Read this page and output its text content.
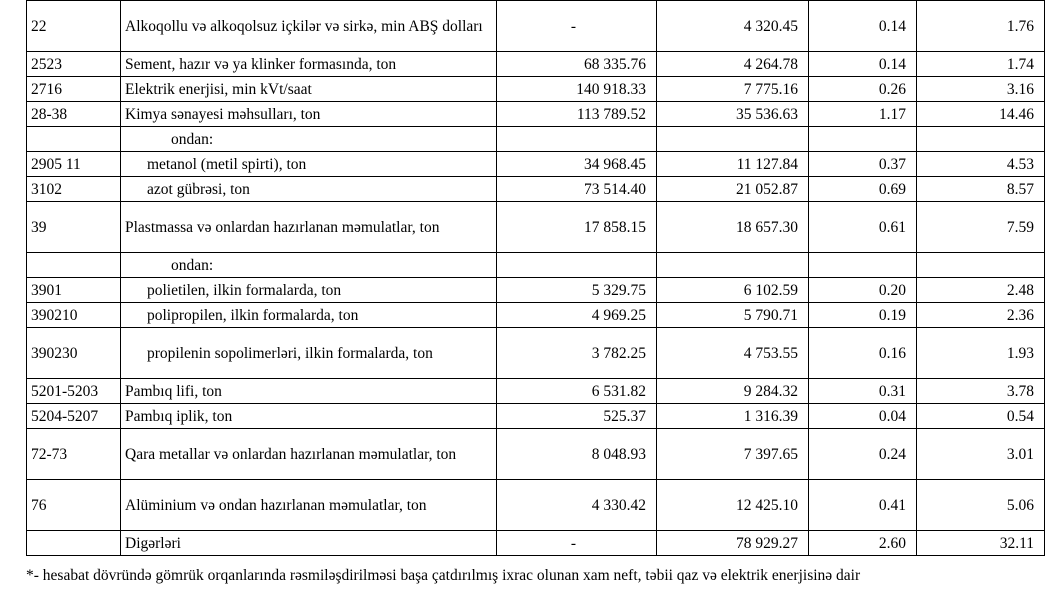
22	Alkoqollu və alkoqolsuz içkilər və sirkə, min ABŞ dolları	-	4 320.45	0.14	1.76
2523	Sement, hazır və ya klinker formasında, ton	68 335.76	4 264.78	0.14	1.74
2716	Elektrik enerjisi, min kVt/saat	140 918.33	7 775.16	0.26	3.16
28-38	Kimya sənayesi məhsulları, ton	113 789.52	35 536.63	1.17	14.46
	ondan:				
2905 11	metanol (metil spirti), ton	34 968.45	11 127.84	0.37	4.53
3102	azot gübrəsi, ton	73 514.40	21 052.87	0.69	8.57
39	Plastmassa və onlardan hazırlanan məmulatlar, ton	17 858.15	18 657.30	0.61	7.59
	ondan:				
3901	polietilen, ilkin formalarda, ton	5 329.75	6 102.59	0.20	2.48
390210	polipropilen, ilkin formalarda, ton	4 969.25	5 790.71	0.19	2.36
390230	propilenin sopolimerləri, ilkin formalarda, ton	3 782.25	4 753.55	0.16	1.93
5201-5203	Pambıq lifi, ton	6 531.82	9 284.32	0.31	3.78
5204-5207	Pambıq iplik, ton	525.37	1 316.39	0.04	0.54
72-73	Qara metallar və onlardan hazırlanan məmulatlar, ton	8 048.93	7 397.65	0.24	3.01
76	Alüminium və ondan hazırlanan məmulatlar, ton	4 330.42	12 425.10	0.41	5.06
	Digərləri	-	78 929.27	2.60	32.11
*- hesabat dövründə gömrük orqanlarında rəsmiləşdirilməsi başa çatdırılmış ixrac olunan xam neft, təbii qaz və elektrik enerjisinə dair
